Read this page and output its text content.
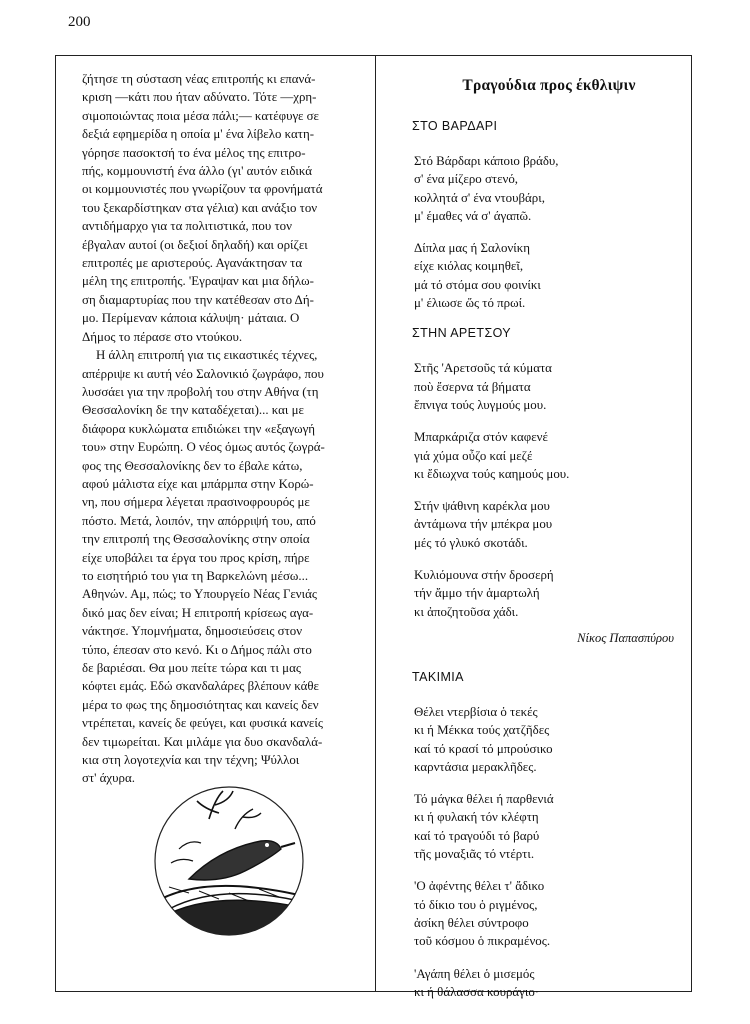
200

ζήτησε τη σύσταση νέας επιτροπής κι επανά-
κριση —κάτι που ήταν αδύνατο. Τότε —χρη-
σιμοποιώντας ποια μέσα πάλι;— κατέφυγε σε
δεξιά εφημερίδα η οποία μ' ένα λίβελο κατη-
γόρησε πασοκτσή το ένα μέλος της επιτρο-
πής, κομμουνιστή ένα άλλο (γι' αυτόν ειδικά
οι κομμουνιστές που γνωρίζουν τα φρονήματά
του ξεκαρδίστηκαν στα γέλια) και ανάξιο τον
αντιδήμαρχο για τα πολιτιστικά, που τον
έβγαλαν αυτοί (οι δεξιοί δηλαδή) και ορίζει
επιτροπές με αριστερούς. Αγανάκτησαν τα
μέλη της επιτροπής. 'Εγραψαν και μια δήλω-
ση διαμαρτυρίας που την κατέθεσαν στο Δή-
μο. Περίμεναν κάποια κάλυψη· μάταια. Ο
Δήμος το πέρασε στο ντούκου.

Η άλλη επιτροπή για τις εικαστικές τέχνες,
απέρριψε κι αυτή νέο Σαλονικιό ζωγράφο, που
λυσσάει για την προβολή του στην Αθήνα (τη
Θεσσαλονίκη δε την καταδέχεται)... και με
διάφορα κυκλώματα επιδιώκει την «εξαγωγή
του» στην Ευρώπη. Ο νέος όμως αυτός ζωγρά-
φος της Θεσσαλονίκης δεν το έβαλε κάτω,
αφού μάλιστα είχε και μπάρμπα στην Κορώ-
νη, που σήμερα λέγεται πρασινοφρουρός με
πόστο. Μετά, λοιπόν, την απόρριψή του, από
την επιτροπή της Θεσσαλονίκης στην οποία
είχε υποβάλει τα έργα του προς κρίση, πήρε
το εισητήριό του για τη Βαρκελώνη μέσω...
Αθηνών. Αμ, πώς; το Υπουργείο Νέας Γενιάς
δικό μας δεν είναι; Η επιτροπή κρίσεως αγα-
νάκτησε. Υπομνήματα, δημοσιεύσεις στον
τύπο, έπεσαν στο κενό. Κι ο Δήμος πάλι στο
δε βαριέσαι. Θα μου πείτε τώρα και τι μας
κόφτει εμάς. Εδώ σκανδαλάρες βλέπουν κάθε
μέρα το φως της δημοσιότητας και κανείς δεν
ντρέπεται, κανείς δε φεύγει, και φυσικά κανείς
δεν τιμωρείται. Και μιλάμε για δυο σκανδαλά-
κια στη λογοτεχνία και την τέχνη; Ψύλλοι
στ' άχυρα.

Τραγούδια προς έκθλιψιν
ΣΤΟ ΒΑΡΔΑΡΙ
Στό Βάρδαρι κάποιο βράδυ,
σ' ένα μίζερο στενό,
κολλητά σ' ένα ντουβάρι,
μ' έμαθες νά σ' άγαπῶ.
Δίπλα μας ή Σαλονίκη
είχε κιόλας κοιμηθεῖ,
μά τό στόμα σου φοινίκι
μ' έλιωσε ὥς τό πρωί.
ΣΤΗΝ ΑΡΕΤΣΟΥ
Στῆς 'Αρετσοῦς τά κύματα
ποὺ ἔσερνα τά βήματα
ἔπνιγα τούς λυγμούς μου.
Μπαρκάριζα στόν καφενέ
γιά χύμα οὖζο καί μεζέ
κι ἔδιωχνα τούς καημούς μου.
Στήν ψάθινη καρέκλα μου
ἀντάμωνα τήν μπέκρα μου
μές τό γλυκό σκοτάδι.
Κυλιόμουνα στήν δροσερή
τήν ἄμμο τήν ἁμαρτωλή
κι ἀποζητοῦσα χάδι.
Νίκος Παπασπύρου
ΤΑΚΙΜΙΑ
Θέλει ντερβίσια ὁ τεκές
κι ή Μέκκα τούς χατζῆδες
καί τό κρασί τό μπρούσικο
καρντάσια μερακλῆδες.
Τό μάγκα θέλει ή παρθενιά
κι ή φυλακή τόν κλέφτη
καί τό τραγούδι τό βαρύ
τῆς μοναξιᾶς τό ντέρτι.
'Ο ἀφέντης θέλει τ' ἄδικο
τό δίκιο του ὁ ριγμένος,
ἀσίκη θέλει σύντροφο
τοῦ κόσμου ὁ πικραμένος.
'Αγάπη θέλει ὁ μισεμός
κι ή θάλασσα κουράγιο·
